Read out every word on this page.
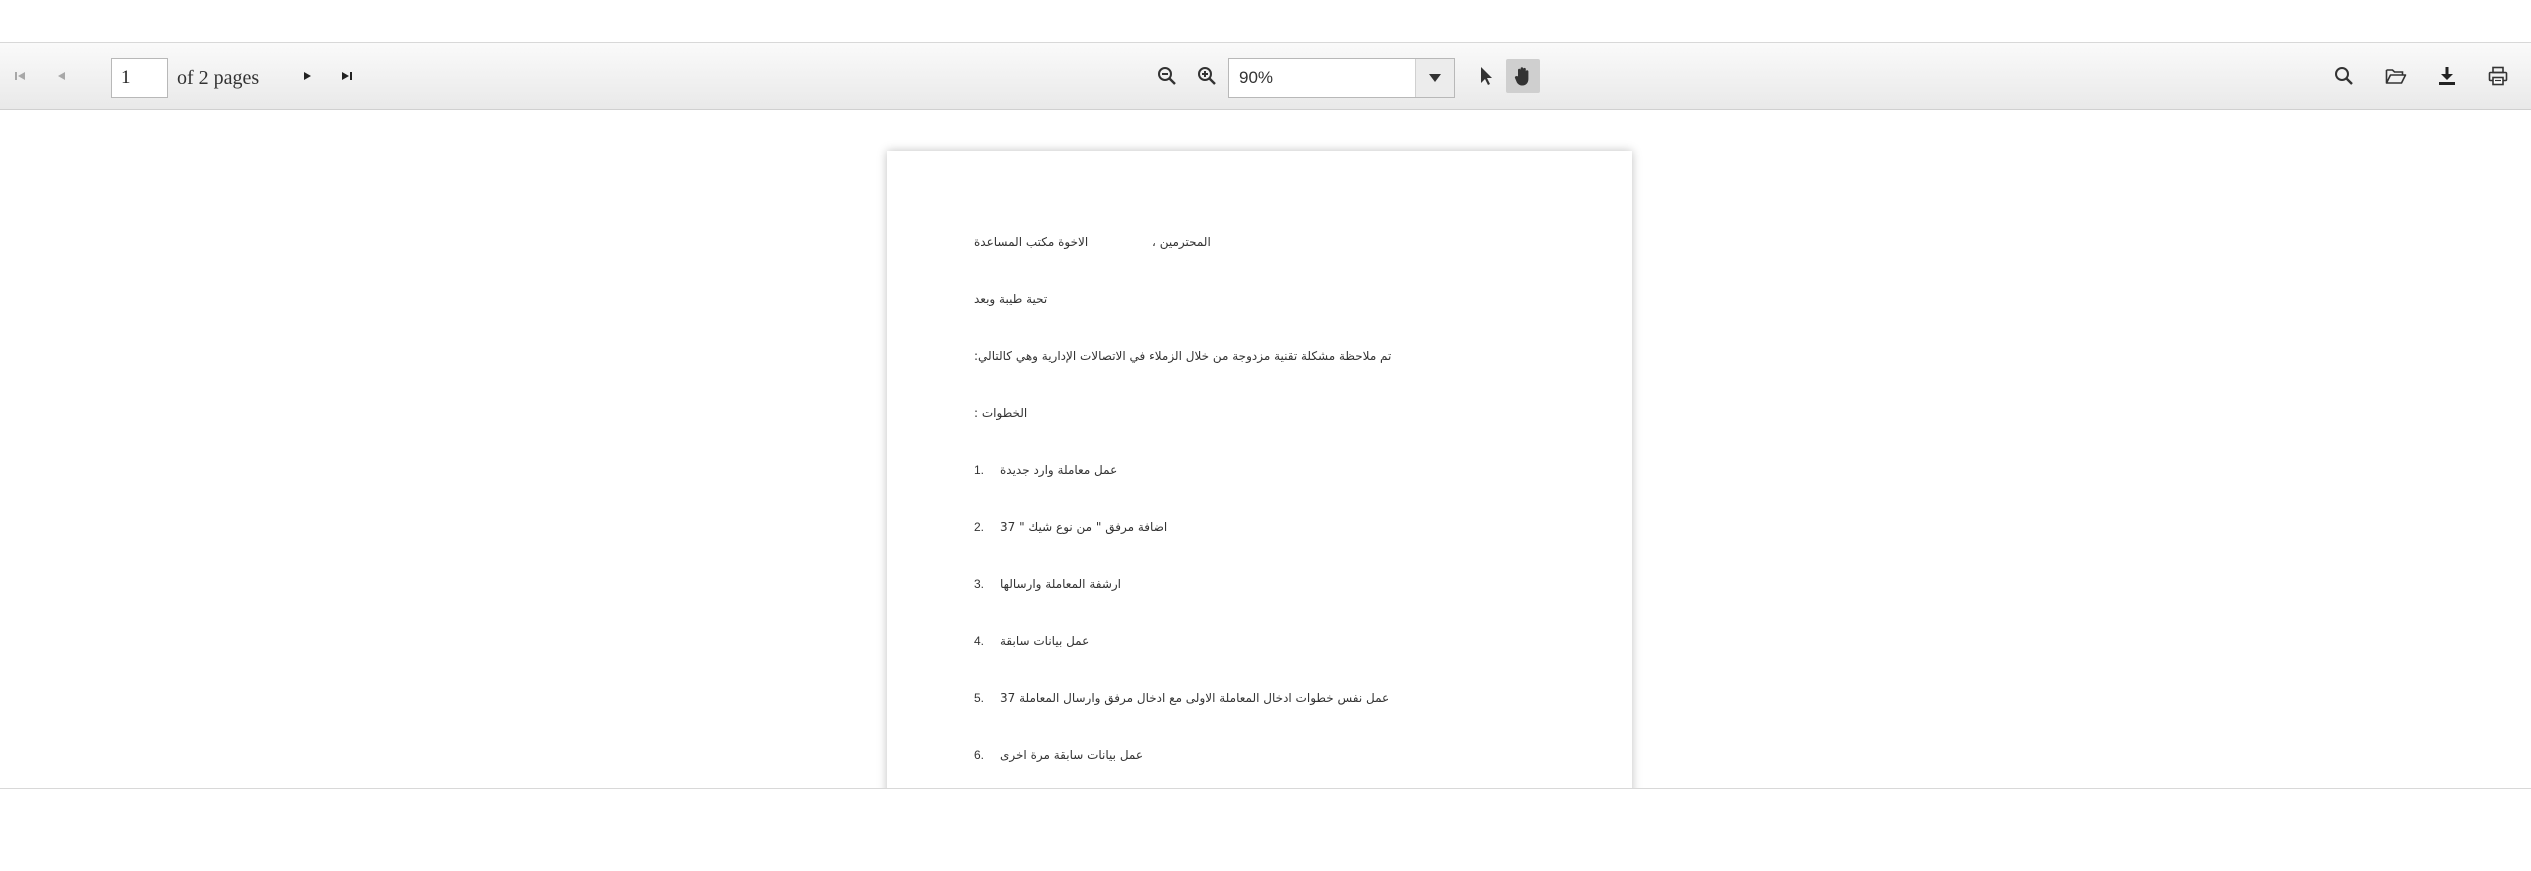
1	of 2 pages	90%
الاخوة مكتب المساعدة	المحترمين ،
تحية طيبة وبعد
تم ملاحظة مشكلة تقنية مزدوجة من خلال الزملاء في الاتصالات الإدارية وهي كالتالي:
الخطوات :
1. عمل معاملة وارد جديدة
2. اضافة مرفق " من نوع شيك " 37
3. ارشفة المعاملة وارسالها
4. عمل بيانات سابقة
5. عمل نفس خطوات ادخال المعاملة الاولى مع ادخال مرفق وارسال المعاملة 37
6. عمل بيانات سابقة مرة اخرى
